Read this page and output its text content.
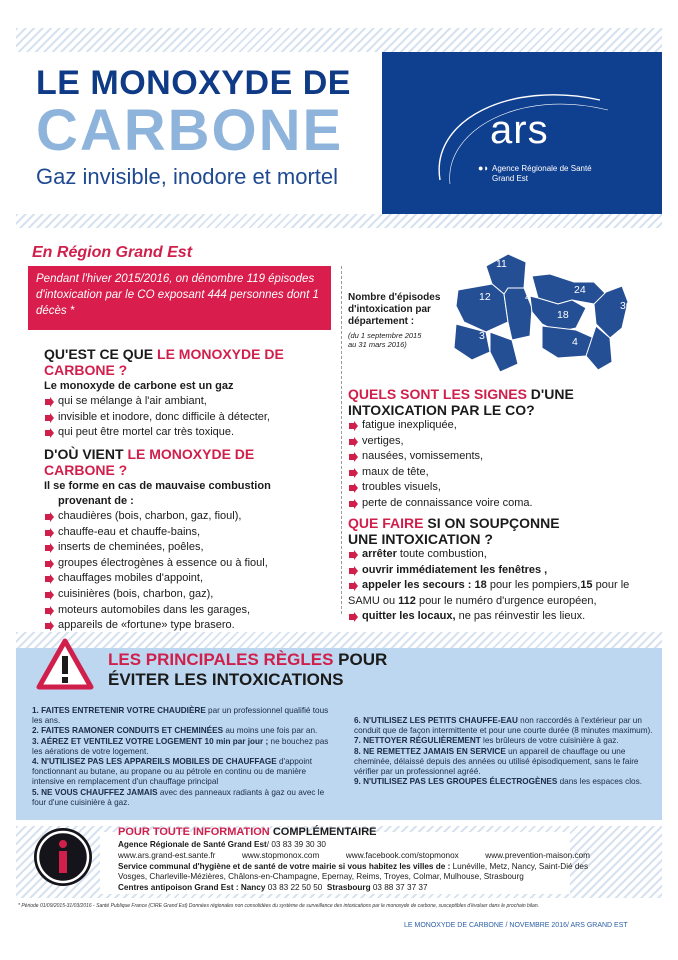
LE MONOXYDE DE
CARBONE
Gaz invisible, inodore et mortel
ars
●◗ Agence Régionale de Santé
Grand Est
En Région Grand Est
Pendant l'hiver 2015/2016, on dénombre 119 épisodes d'intoxication par le CO exposant 444 personnes dont 1 décès *
Nombre d'épisodes d'intoxication par département :
(du 1 septembre 2015
au 31 mars 2016)
11
12	4
24
30
18
3
3	4
10
QU'EST CE QUE LE MONOXYDE DE
CARBONE ?
Le monoxyde de carbone est un gaz
qui se mélange à l'air ambiant,
invisible et inodore, donc difficile à détecter,
qui peut être mortel car très toxique.
D'OÙ VIENT LE MONOXYDE DE
CARBONE ?
Il se forme en cas de mauvaise combustion
provenant de :
chaudières (bois, charbon, gaz, fioul),
chauffe-eau et chauffe-bains,
inserts de cheminées, poêles,
groupes électrogènes à essence ou à fioul,
chauffages mobiles d'appoint,
cuisinières (bois, charbon, gaz),
moteurs automobiles dans les garages,
appareils de «fortune» type brasero.
QUELS SONT LES SIGNES D'UNE
INTOXICATION PAR LE CO?
fatigue inexpliquée,
vertiges,
nausées, vomissements,
maux de tête,
troubles visuels,
perte de connaissance voire coma.
QUE FAIRE SI ON SOUPÇONNE
UNE INTOXICATION ?
arrêter toute combustion,
ouvrir immédiatement les fenêtres ,
appeler les secours : 18 pour les pompiers,15 pour le
SAMU ou 112 pour le numéro d'urgence européen,
quitter les locaux, ne pas réinvestir les lieux.
LES PRINCIPALES RÈGLES POUR
ÉVITER LES INTOXICATIONS

1. FAITES ENTRETENIR VOTRE CHAUDIÈRE par un professionnel qualifié tous les ans.

2. FAITES RAMONER CONDUITS ET CHEMINÉES au moins une fois par an.

3. AÉREZ ET VENTILEZ VOTRE LOGEMENT 10 min par jour ; ne bouchez pas les aérations de votre logement.

4. N'UTILISEZ PAS LES APPAREILS MOBILES DE CHAUFFAGE d'appoint fonctionnant au butane, au propane ou au pétrole en continu ou de manière intensive en remplacement d'un chauffage principal

5. NE VOUS CHAUFFEZ JAMAIS avec des panneaux radiants à gaz ou avec le four d'une cuisinière à gaz.

6. N'UTILISEZ LES PETITS CHAUFFE-EAU non raccordés à l'extérieur par un conduit que de façon intermittente et pour une courte durée (8 minutes maximum).

7. NETTOYER RÉGULIÈREMENT les brûleurs de votre cuisinière à gaz.

8. NE REMETTEZ JAMAIS EN SERVICE un appareil de chauffage ou une cheminée, délaissé depuis des années ou utilisé épisodiquement, sans le faire vérifier par un professionnel agréé.

9. N'UTILISEZ PAS LES GROUPES ÉLECTROGÈNES dans les espaces clos.

POUR TOUTE INFORMATION COMPLÉMENTAIRE
Agence Régionale de Santé Grand Est/ 03 83 39 30 30
www.ars.grand-est.sante.fr	www.stopmonox.com	www.facebook.com/stopmonox	www.prevention-maison.com
Service communal d'hygiène et de santé de votre mairie si vous habitez les villes de : Lunéville, Metz, Nancy, Saint-Dié des
Vosges, Charleville-Mézières, Châlons-en-Champagne, Epernay, Reims, Troyes, Colmar, Mulhouse, Strasbourg
Centres antipoison Grand Est : Nancy 03 83 22 50 50 Strasbourg 03 88 37 37 37
* Période 01/09/2015-31/03/2016 - Santé Publique France (CIRE Grand Est) Données régionales non consolidées du système de surveillance des intoxications par le monoxyde de carbone, susceptibles d'évoluer dans le prochain bilan.
LE MONOXYDE DE CARBONE / NOVEMBRE 2016/ ARS GRAND EST
